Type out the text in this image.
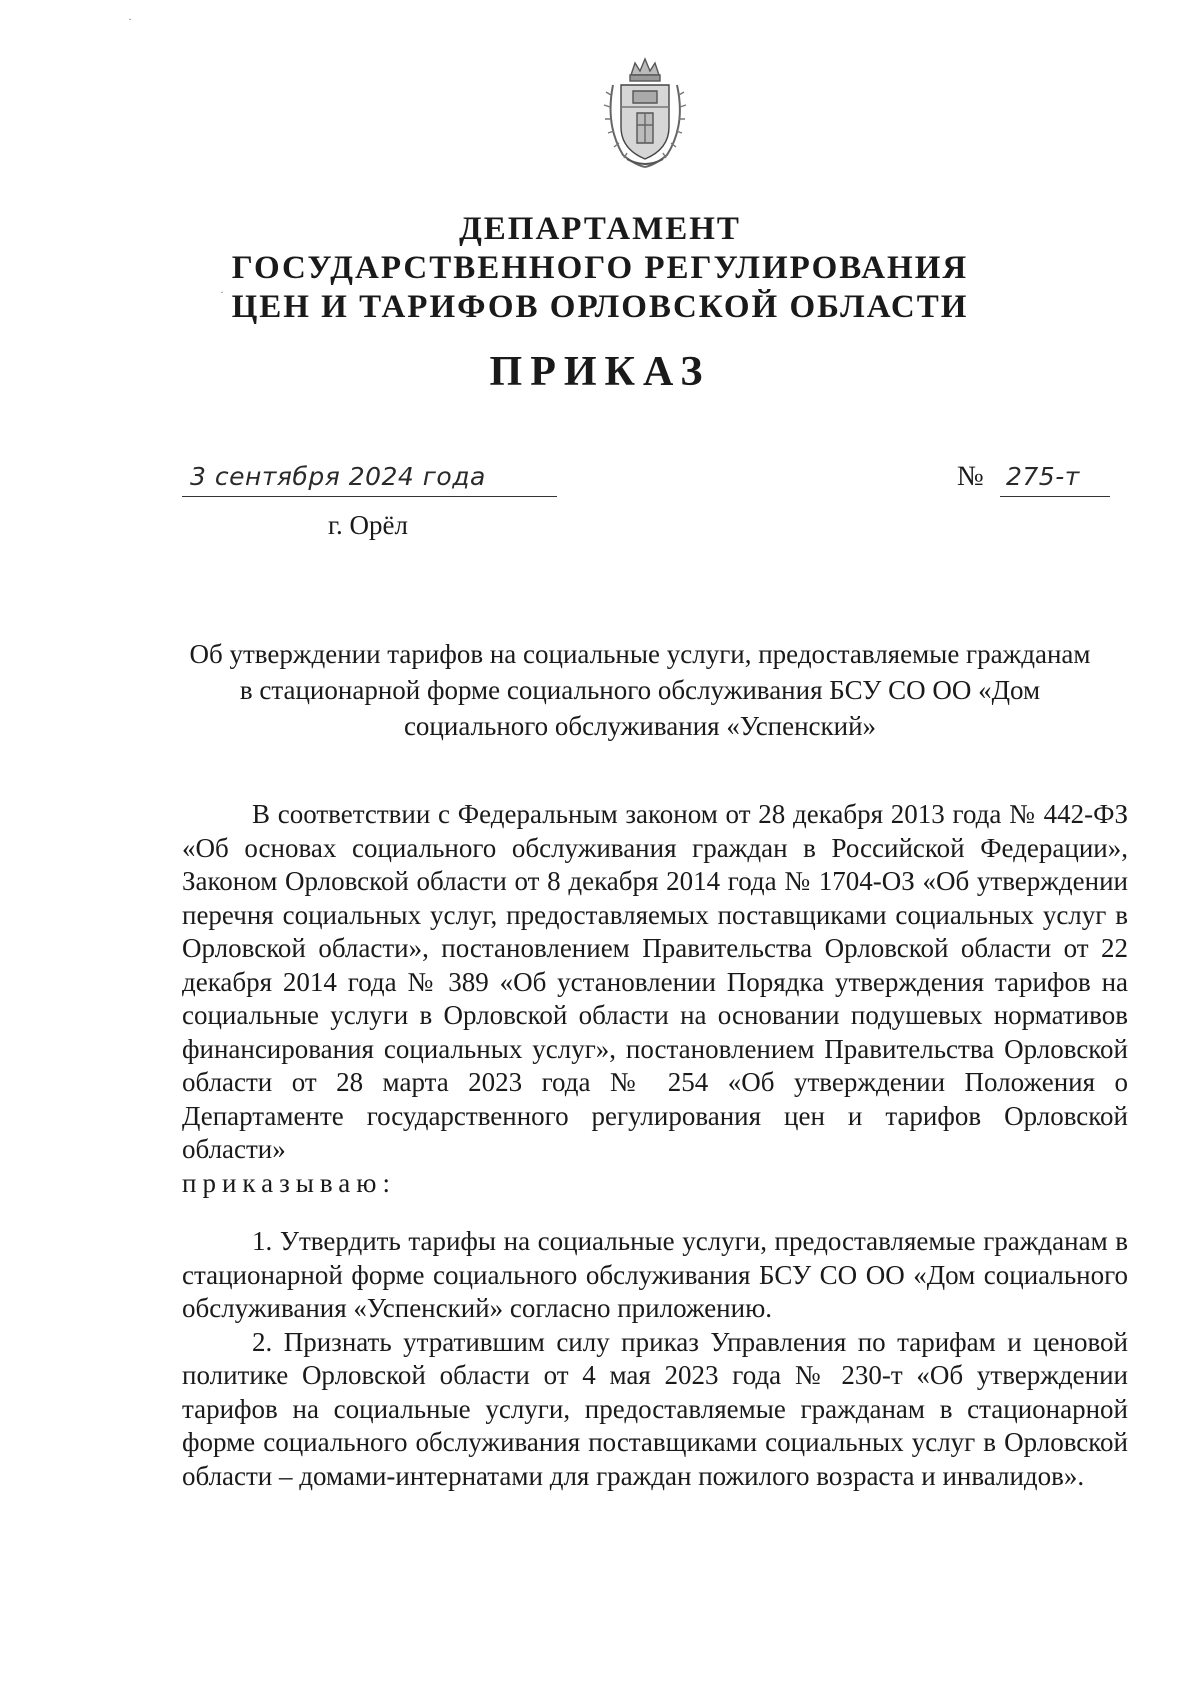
ДЕПАРТАМЕНТ
ГОСУДАРСТВЕННОГО РЕГУЛИРОВАНИЯ
ЦЕН И ТАРИФОВ ОРЛОВСКОЙ ОБЛАСТИ
ПРИКАЗ
3 сентября 2024 года	№ 275-т
г. Орёл
Об утверждении тарифов на социальные услуги, предоставляемые гражданам
в стационарной форме социального обслуживания БСУ СО ОО «Дом
социального обслуживания «Успенский»
В соответствии с Федеральным законом от 28 декабря 2013 года № 442-ФЗ «Об основах социального обслуживания граждан в Российской Федерации», Законом Орловской области от 8 декабря 2014 года № 1704-ОЗ «Об утверждении перечня социальных услуг, предоставляемых поставщиками социальных услуг в Орловской области», постановлением Правительства Орловской области от 22 декабря 2014 года № 389 «Об установлении Порядка утверждения тарифов на социальные услуги в Орловской области на основании подушевых нормативов финансирования социальных услуг», постановлением Правительства Орловской области от 28 марта 2023 года № 254 «Об утверждении Положения о Департаменте государственного регулирования цен и тарифов Орловской области»
приказываю:
1. Утвердить тарифы на социальные услуги, предоставляемые гражданам в стационарной форме социального обслуживания БСУ СО ОО «Дом социального обслуживания «Успенский» согласно приложению.
2. Признать утратившим силу приказ Управления по тарифам и ценовой политике Орловской области от 4 мая 2023 года № 230-т «Об утверждении тарифов на социальные услуги, предоставляемые гражданам в стационарной форме социального обслуживания поставщиками социальных услуг в Орловской области – домами-интернатами для граждан пожилого возраста и инвалидов».
·
·
